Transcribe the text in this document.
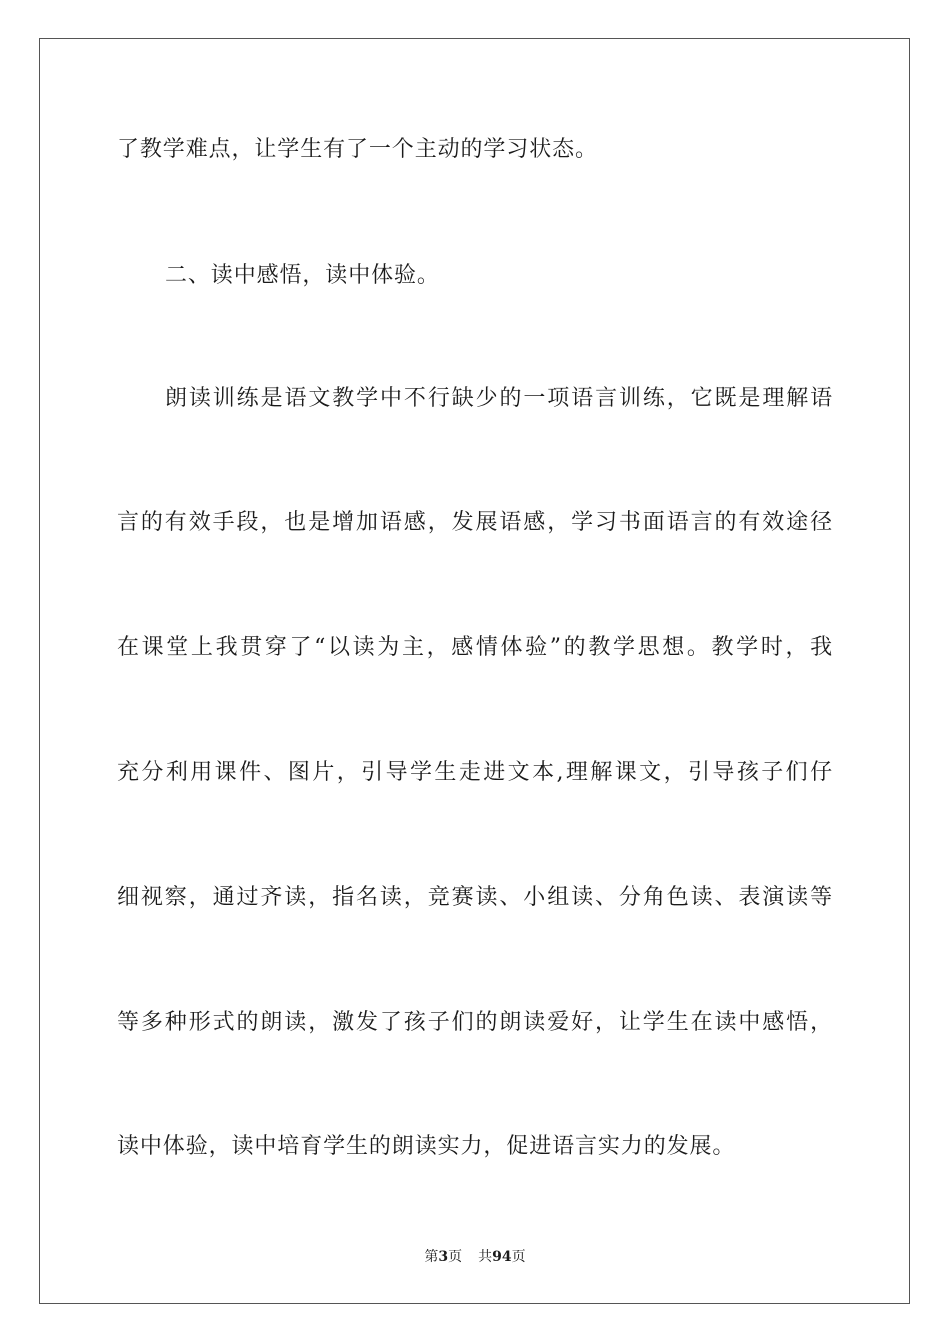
了教学难点，让学生有了一个主动的学习状态。
二、读中感悟，读中体验。
朗读训练是语文教学中不行缺少的一项语言训练，它既是理解语
言的有效手段，也是增加语感，发展语感，学习书面语言的有效途径
在课堂上我贯穿了“以读为主，感情体验”的教学思想。教学时，我
充分利用课件、图片，引导学生走进文本,理解课文，引导孩子们仔
细视察，通过齐读，指名读，竞赛读、小组读、分角色读、表演读等
等多种形式的朗读，激发了孩子们的朗读爱好，让学生在读中感悟，
读中体验，读中培育学生的朗读实力，促进语言实力的发展。
第3页 共94页
